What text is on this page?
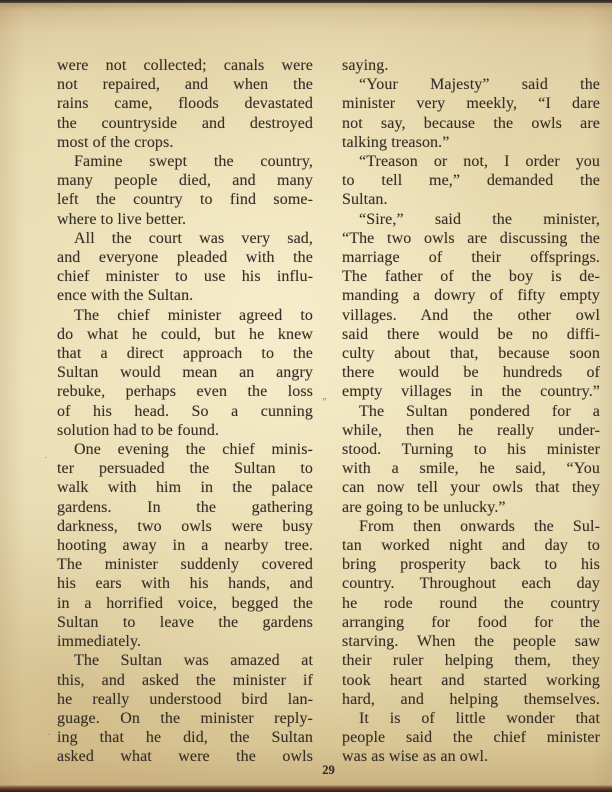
were not collected; canals were
not repaired, and when the
rains came, floods devastated
the countryside and destroyed
most of the crops.

Famine swept the country,
many people died, and many
left the country to find some-
where to live better.

All the court was very sad,
and everyone pleaded with the
chief minister to use his influ-
ence with the Sultan.

The chief minister agreed to
do what he could, but he knew
that a direct approach to the
Sultan would mean an angry
rebuke, perhaps even the loss
of his head. So a cunning
solution had to be found.

One evening the chief minis-
ter persuaded the Sultan to
walk with him in the palace
gardens. In the gathering
darkness, two owls were busy
hooting away in a nearby tree.
The minister suddenly covered
his ears with his hands, and
in a horrified voice, begged the
Sultan to leave the gardens
immediately.

The Sultan was amazed at
this, and asked the minister if
he really understood bird lan-
guage. On the minister reply-
ing that he did, the Sultan
asked what were the owls

saying.

“Your Majesty” said the
minister very meekly, “I dare
not say, because the owls are
talking treason.”

“Treason or not, I order you
to tell me,” demanded the
Sultan.

“Sire,” said the minister,
“The two owls are discussing the
marriage of their offsprings.
The father of the boy is de-
manding a dowry of fifty empty
villages. And the other owl
said there would be no diffi-
culty about that, because soon
there would be hundreds of
empty villages in the country.”

The Sultan pondered for a
while, then he really under-
stood. Turning to his minister
with a smile, he said, “You
can now tell your owls that they
are going to be unlucky.”

From then onwards the Sul-
tan worked night and day to
bring prosperity back to his
country. Throughout each day
he rode round the country
arranging for food for the
starving. When the people saw
their ruler helping them, they
took heart and started working
hard, and helping themselves.

It is of little wonder that
people said the chief minister
was as wise as an owl.

”
·
·
29
